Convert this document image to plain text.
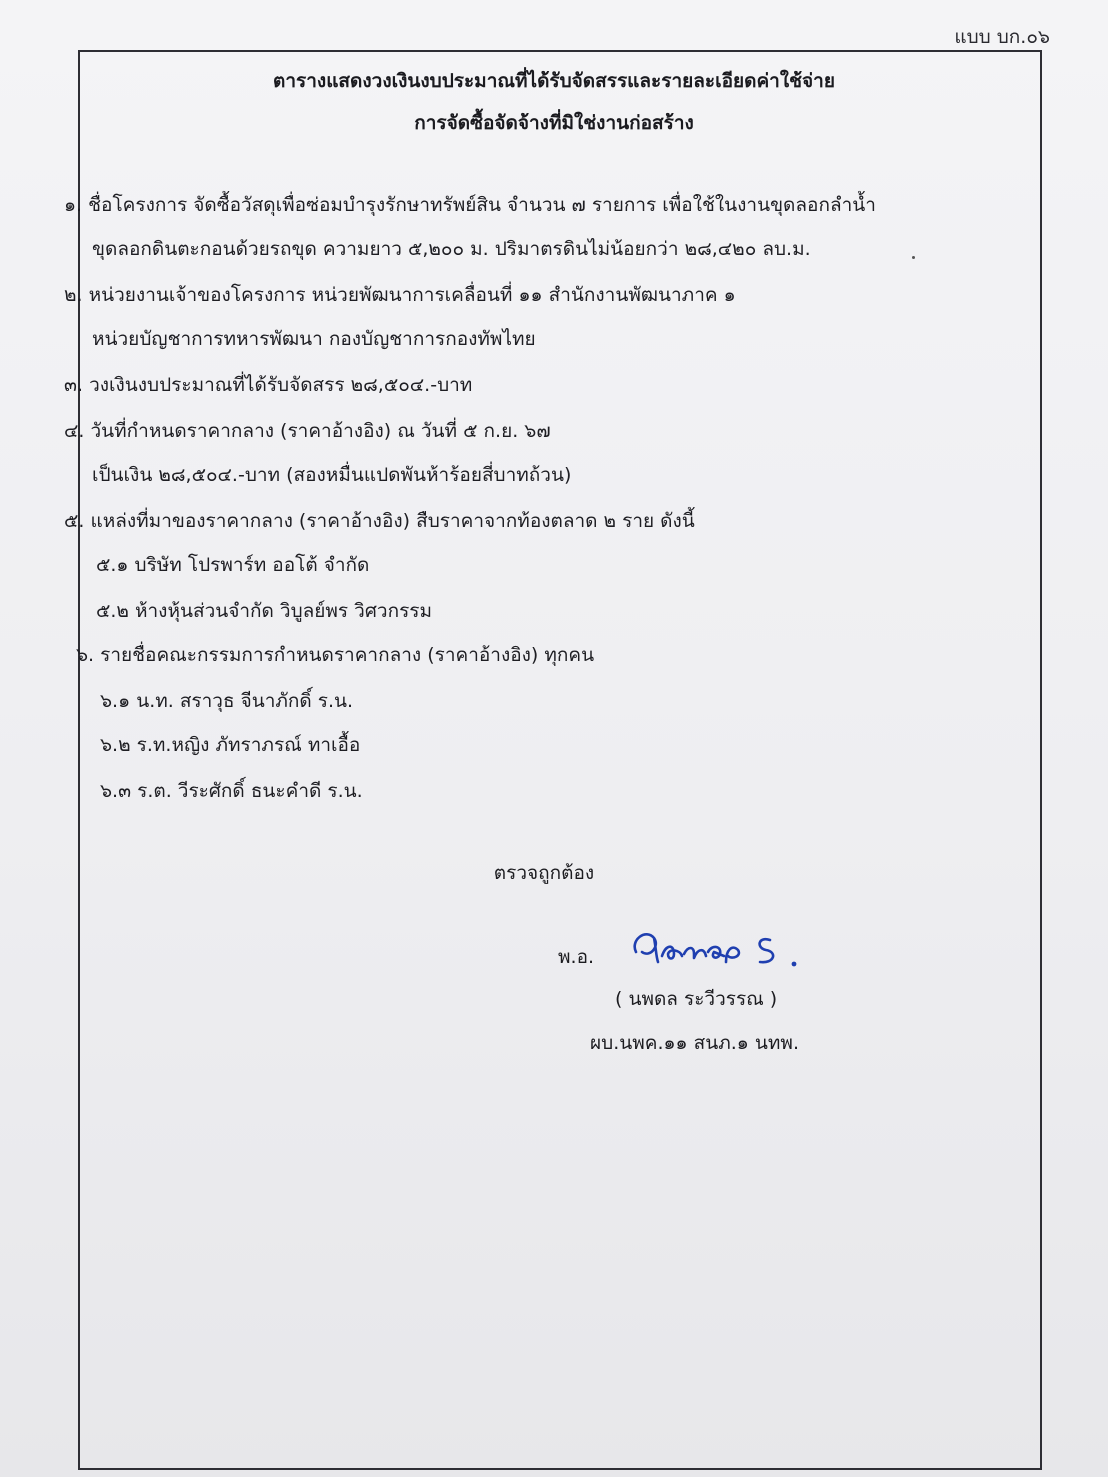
แบบ บก.๐๖
ตารางแสดงวงเงินงบประมาณที่ได้รับจัดสรรและรายละเอียดค่าใช้จ่าย
การจัดซื้อจัดจ้างที่มิใช่งานก่อสร้าง
๑. ชื่อโครงการ จัดซื้อวัสดุเพื่อซ่อมบำรุงรักษาทรัพย์สิน จำนวน ๗ รายการ เพื่อใช้ในงานขุดลอกลำน้ำ
ขุดลอกดินตะกอนด้วยรถขุด ความยาว ๕,๒๐๐ ม. ปริมาตรดินไม่น้อยกว่า ๒๘,๔๒๐ ลบ.ม.
๒. หน่วยงานเจ้าของโครงการ หน่วยพัฒนาการเคลื่อนที่ ๑๑ สำนักงานพัฒนาภาค ๑
หน่วยบัญชาการทหารพัฒนา กองบัญชาการกองทัพไทย
๓. วงเงินงบประมาณที่ได้รับจัดสรร ๒๘,๕๐๔.-บาท
๔. วันที่กำหนดราคากลาง (ราคาอ้างอิง) ณ วันที่ ๕ ก.ย. ๖๗
เป็นเงิน ๒๘,๕๐๔.-บาท (สองหมื่นแปดพันห้าร้อยสี่บาทถ้วน)
๕. แหล่งที่มาของราคากลาง (ราคาอ้างอิง) สืบราคาจากท้องตลาด ๒ ราย ดังนี้
๕.๑ บริษัท โปรพาร์ท ออโต้ จำกัด
๕.๒ ห้างหุ้นส่วนจำกัด วิบูลย์พร วิศวกรรม
๖. รายชื่อคณะกรรมการกำหนดราคากลาง (ราคาอ้างอิง) ทุกคน
๖.๑ น.ท. สราวุธ จีนาภักดิ์ ร.น.
๖.๒ ร.ท.หญิง ภัทราภรณ์ ทาเอื้อ
๖.๓ ร.ต. วีระศักดิ์ ธนะคำดี ร.น.
ตรวจถูกต้อง
พ.อ.
( นพดล ระวีวรรณ )
ผบ.นพค.๑๑ สนภ.๑ นทพ.
